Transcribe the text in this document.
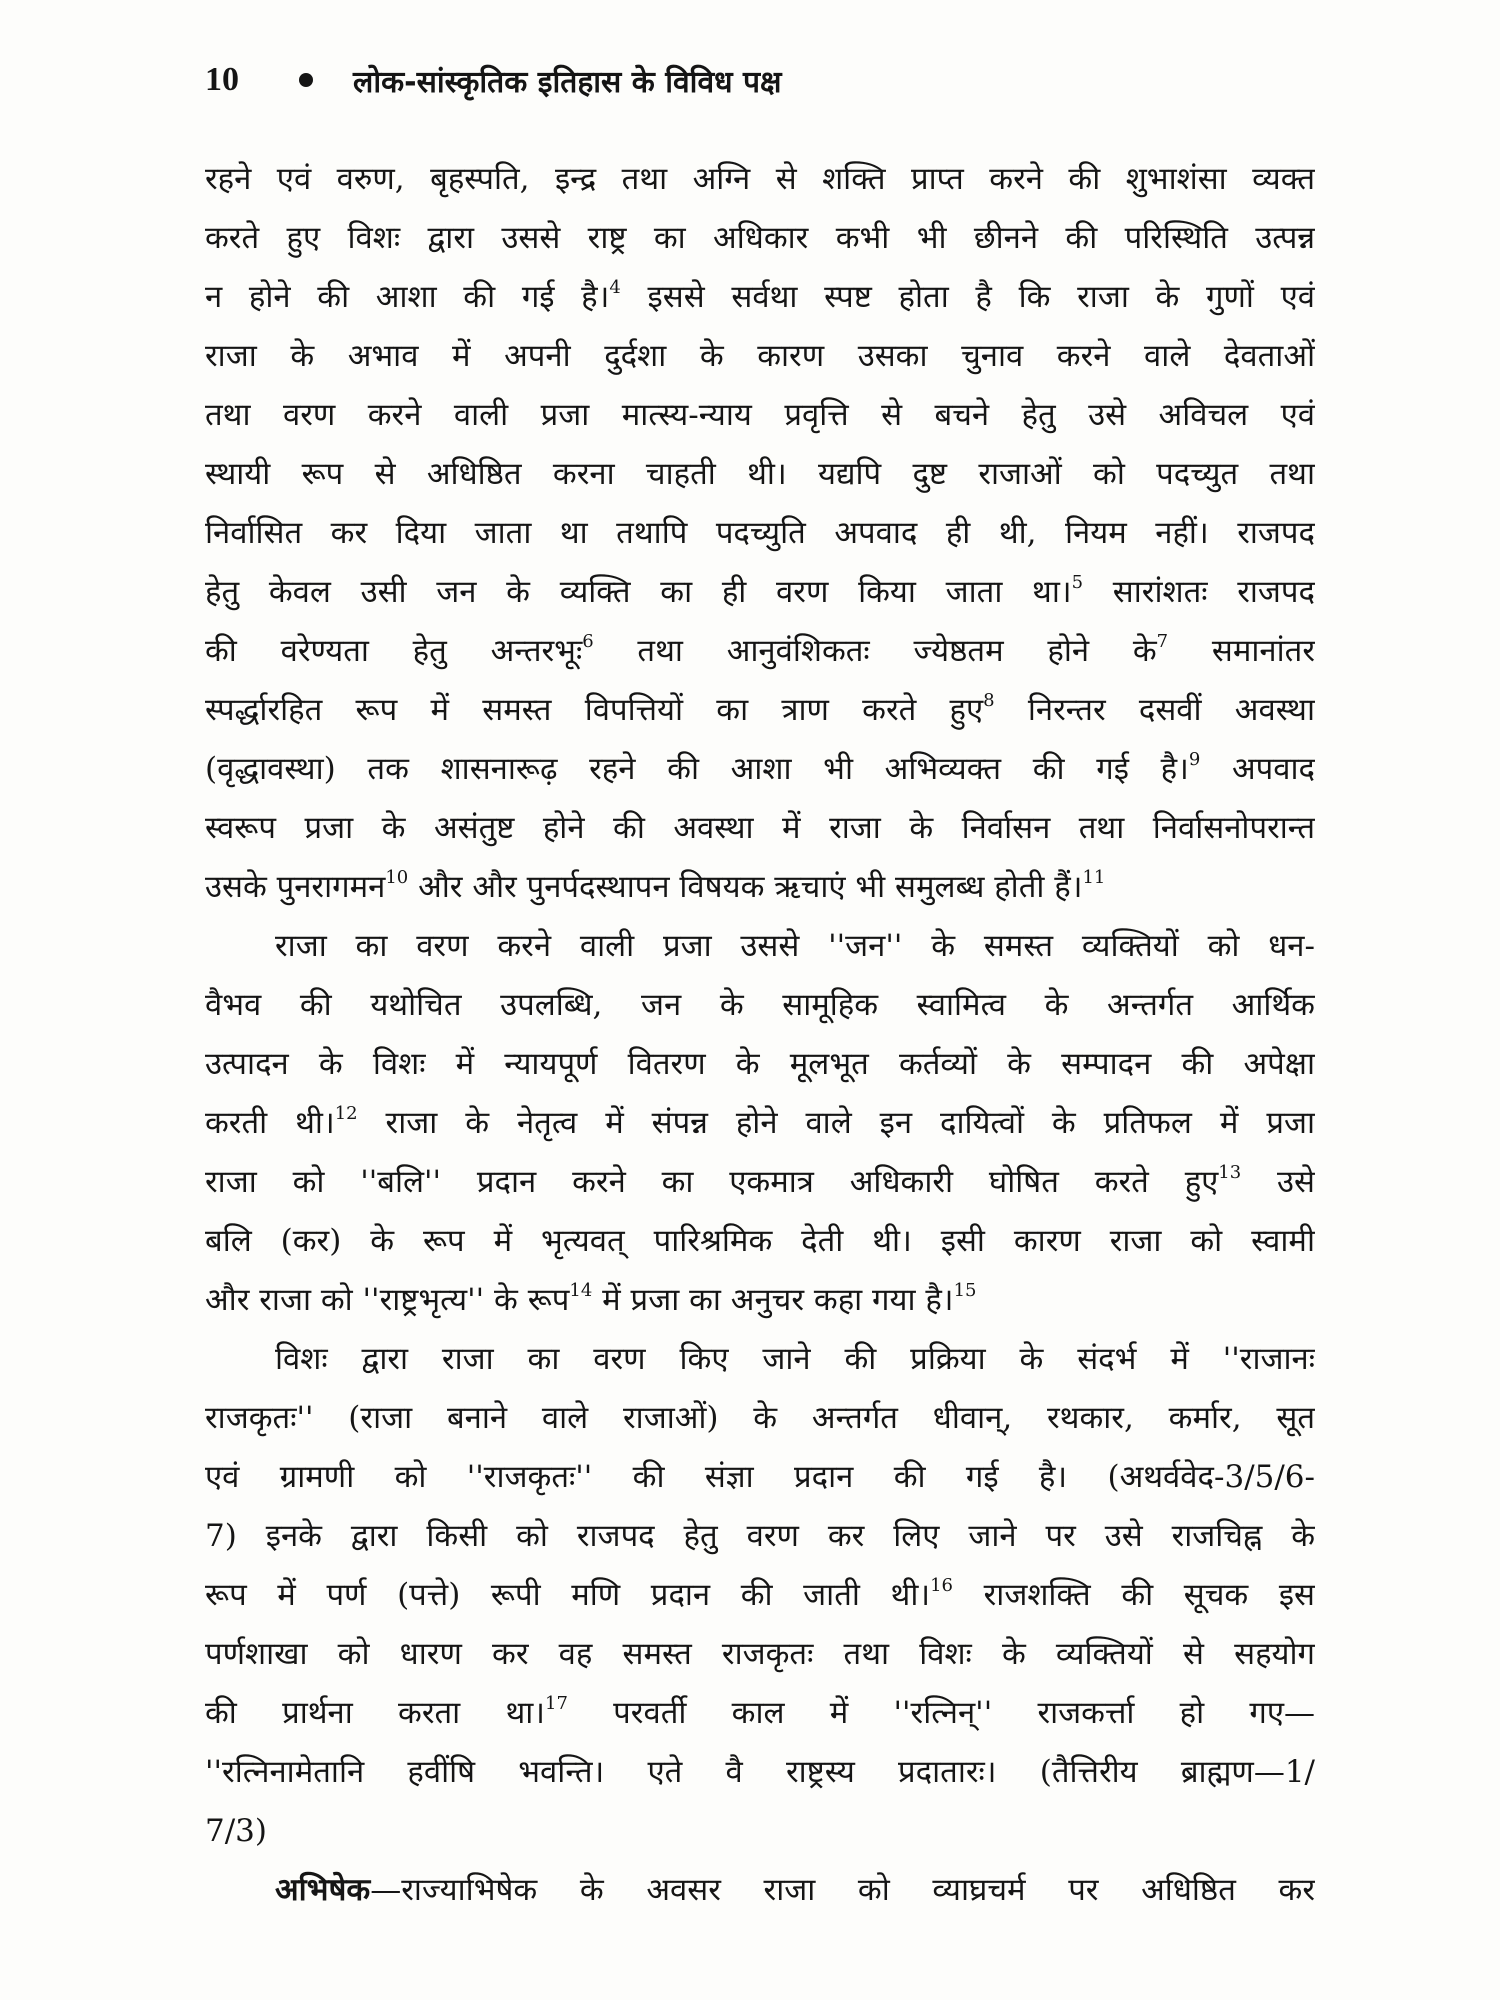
10	लोक-सांस्कृतिक इतिहास के विविध पक्ष
रहने एवं वरुण, बृहस्पति, इन्द्र तथा अग्नि से शक्ति प्राप्त करने की शुभाशंसा व्यक्त
करते हुए विशः द्वारा उससे राष्ट्र का अधिकार कभी भी छीनने की परिस्थिति उत्पन्न
न होने की आशा की गई है।$^4$ इससे सर्वथा स्पष्ट होता है कि राजा के गुणों एवं
राजा के अभाव में अपनी दुर्दशा के कारण उसका चुनाव करने वाले देवताओं
तथा वरण करने वाली प्रजा मात्स्य-न्याय प्रवृत्ति से बचने हेतु उसे अविचल एवं
स्थायी रूप से अधिष्ठित करना चाहती थी। यद्यपि दुष्ट राजाओं को पदच्युत तथा
निर्वासित कर दिया जाता था तथापि पदच्युति अपवाद ही थी, नियम नहीं। राजपद
हेतु केवल उसी जन के व्यक्ति का ही वरण किया जाता था।$^5$ सारांशतः राजपद
की वरेण्यता हेतु अन्तरभूः$^6$ तथा आनुवंशिकतः ज्येष्ठतम होने के$^7$ समानांतर
स्पर्द्धारहित रूप में समस्त विपत्तियों का त्राण करते हुए$^8$ निरन्तर दसवीं अवस्था
(वृद्धावस्था) तक शासनारूढ़ रहने की आशा भी अभिव्यक्त की गई है।$^9$ अपवाद
स्वरूप प्रजा के असंतुष्ट होने की अवस्था में राजा के निर्वासन तथा निर्वासनोपरान्त
उसके पुनरागमन$^{10}$ और और पुनर्पदस्थापन विषयक ऋचाएं भी समुलब्ध होती हैं।$^{11}$
राजा का वरण करने वाली प्रजा उससे ''जन'' के समस्त व्यक्तियों को धन-
वैभव की यथोचित उपलब्धि, जन के सामूहिक स्वामित्व के अन्तर्गत आर्थिक
उत्पादन के विशः में न्यायपूर्ण वितरण के मूलभूत कर्तव्यों के सम्पादन की अपेक्षा
करती थी।$^{12}$ राजा के नेतृत्व में संपन्न होने वाले इन दायित्वों के प्रतिफल में प्रजा
राजा को ''बलि'' प्रदान करने का एकमात्र अधिकारी घोषित करते हुए$^{13}$ उसे
बलि (कर) के रूप में भृत्यवत् पारिश्रमिक देती थी। इसी कारण राजा को स्वामी
और राजा को ''राष्ट्रभृत्य'' के रूप$^{14}$ में प्रजा का अनुचर कहा गया है।$^{15}$
विशः द्वारा राजा का वरण किए जाने की प्रक्रिया के संदर्भ में ''राजानः
राजकृतः'' (राजा बनाने वाले राजाओं) के अन्तर्गत धीवान्, रथकार, कर्मार, सूत
एवं ग्रामणी को ''राजकृतः'' की संज्ञा प्रदान की गई है। (अथर्ववेद-3/5/6-
7) इनके द्वारा किसी को राजपद हेतु वरण कर लिए जाने पर उसे राजचिह्न के
रूप में पर्ण (पत्ते) रूपी मणि प्रदान की जाती थी।$^{16}$ राजशक्ति की सूचक इस
पर्णशाखा को धारण कर वह समस्त राजकृतः तथा विशः के व्यक्तियों से सहयोग
की प्रार्थना करता था।$^{17}$ परवर्ती काल में ''रत्निन्'' राजकर्त्ता हो गए—
''रत्निनामेतानि हवींषि भवन्ति। एते वै राष्ट्रस्य प्रदातारः। (तैत्तिरीय ब्राह्मण—1/
7/3)
अभिषेक—राज्याभिषेक के अवसर राजा को व्याघ्रचर्म पर अधिष्ठित कर
